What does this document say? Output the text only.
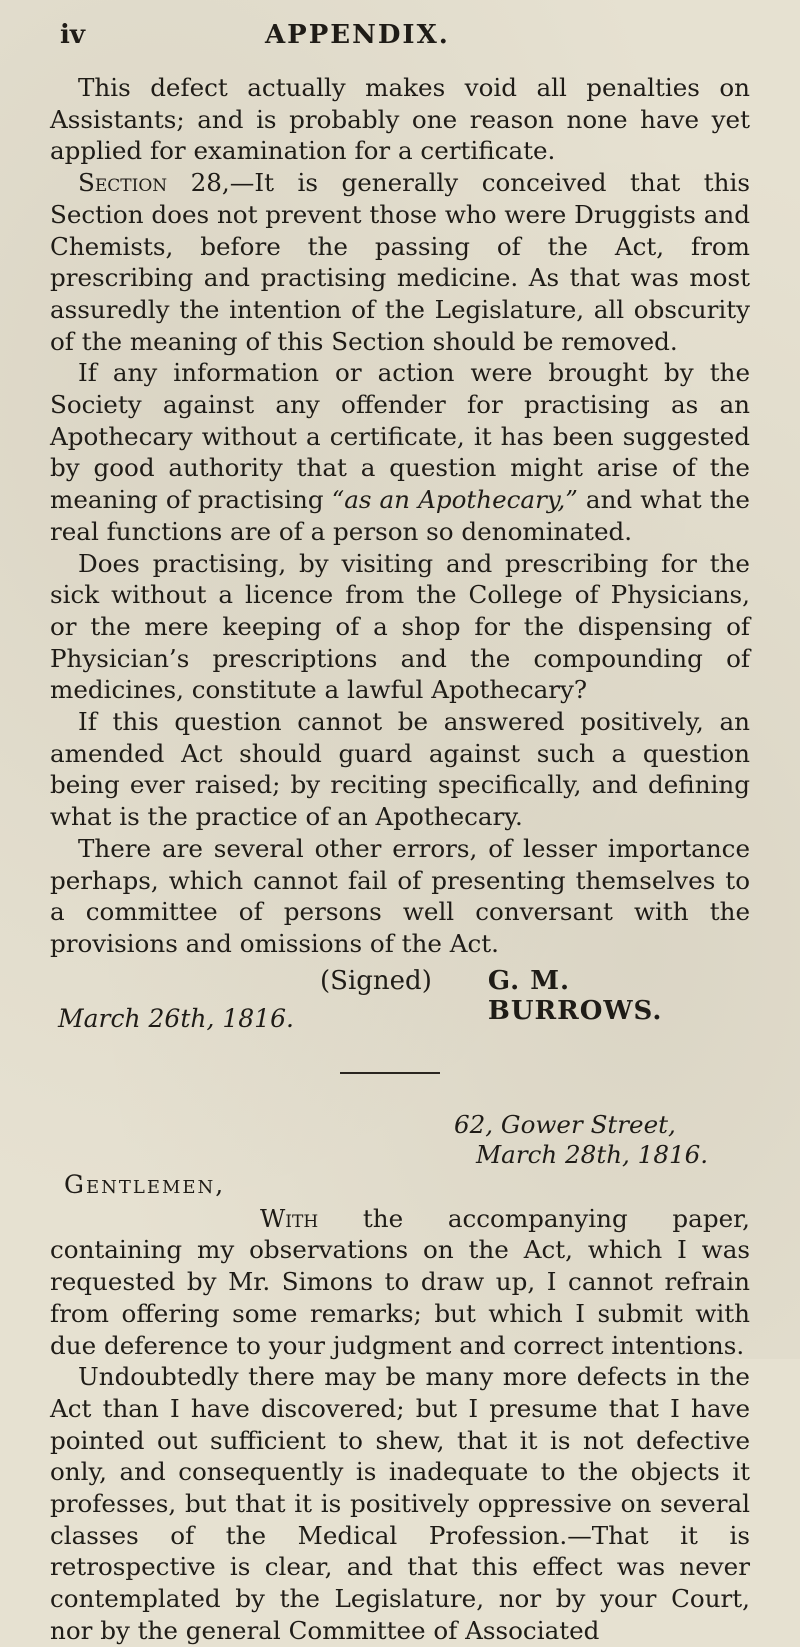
iv	APPENDIX.

This defect actually makes void all penalties on Assistants; and is probably one reason none have yet applied for examination for a certificate.

Section 28,—It is generally conceived that this Section does not prevent those who were Druggists and Chemists, before the passing of the Act, from prescribing and practising medicine. As that was most assuredly the intention of the Legislature, all obscurity of the meaning of this Section should be removed.

If any information or action were brought by the Society against any offender for practising as an Apothecary without a certificate, it has been suggested by good authority that a question might arise of the meaning of practising “as an Apothecary,” and what the real functions are of a person so denominated.

Does practising, by visiting and prescribing for the sick without a licence from the College of Physicians, or the mere keeping of a shop for the dispensing of Physician’s prescriptions and the compounding of medicines, constitute a lawful Apothecary?

If this question cannot be answered positively, an amended Act should guard against such a question being ever raised; by reciting specifically, and defining what is the practice of an Apothecary.

There are several other errors, of lesser importance perhaps, which cannot fail of presenting themselves to a committee of persons well conversant with the provisions and omissions of the Act.

(Signed) G. M. BURROWS.
March 26th, 1816.
62, Gower Street,
March 28th, 1816.
Gentlemen,

With the accompanying paper, containing my observations on the Act, which I was requested by Mr. Simons to draw up, I cannot refrain from offering some remarks; but which I submit with due deference to your judgment and correct intentions.

Undoubtedly there may be many more defects in the Act than I have discovered; but I presume that I have pointed out sufficient to shew, that it is not defective only, and consequently is inadequate to the objects it professes, but that it is positively oppressive on several classes of the Medical Profession.—That it is retrospective is clear, and that this effect was never contemplated by the Legislature, nor by your Court, nor by the general Committee of Associated
